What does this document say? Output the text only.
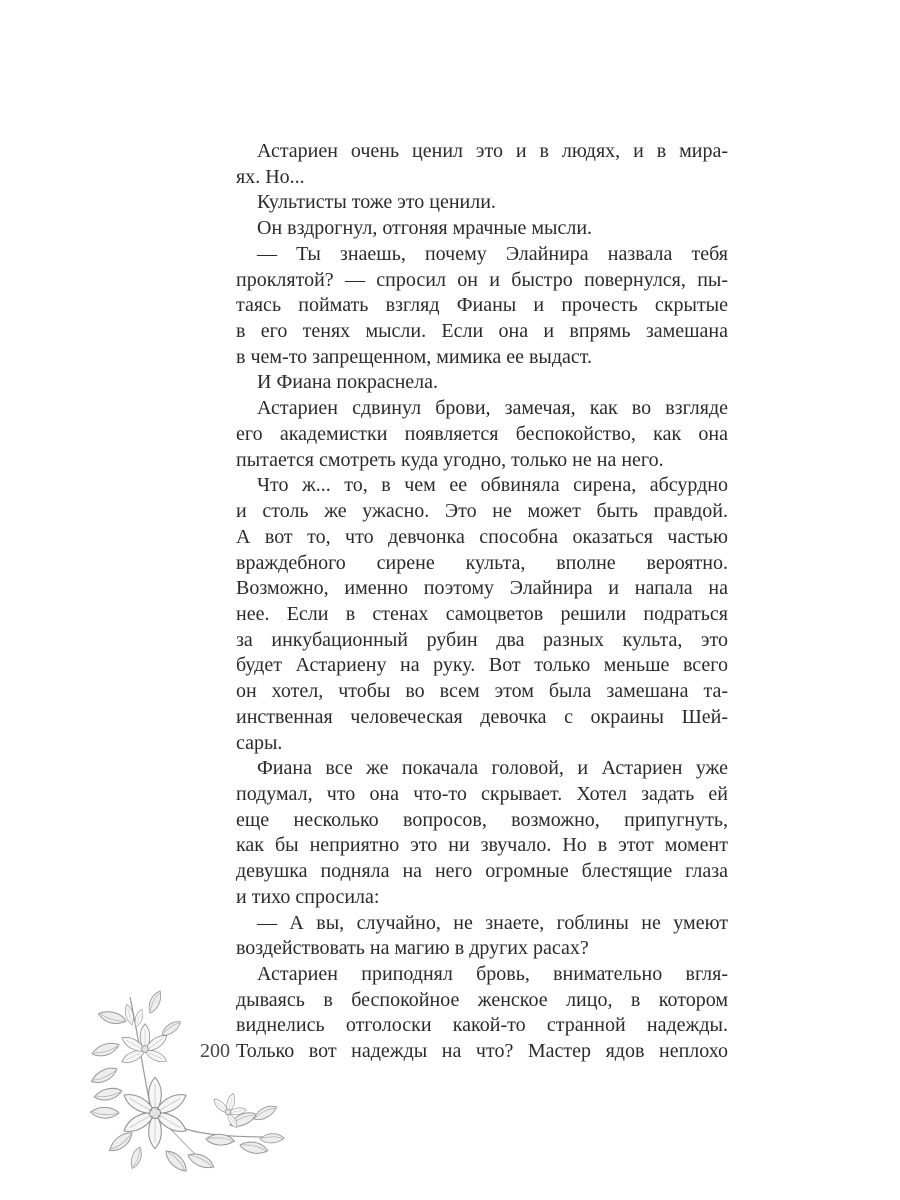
Астариен очень ценил это и в людях, и в мира-
ях. Но...
Культисты тоже это ценили.
Он вздрогнул, отгоняя мрачные мысли.
— Ты знаешь, почему Элайнира назвала тебя
проклятой? — спросил он и быстро повернулся, пы-
таясь поймать взгляд Фианы и прочесть скрытые
в его тенях мысли. Если она и впрямь замешана
в чем-то запрещенном, мимика ее выдаст.
И Фиана покраснела.
Астариен сдвинул брови, замечая, как во взгляде
его академистки появляется беспокойство, как она
пытается смотреть куда угодно, только не на него.
Что ж... то, в чем ее обвиняла сирена, абсурдно
и столь же ужасно. Это не может быть правдой.
А вот то, что девчонка способна оказаться частью
враждебного сирене культа, вполне вероятно.
Возможно, именно поэтому Элайнира и напала на
нее. Если в стенах самоцветов решили подраться
за инкубационный рубин два разных культа, это
будет Астариену на руку. Вот только меньше всего
он хотел, чтобы во всем этом была замешана та-
инственная человеческая девочка с окраины Шей-
сары.
Фиана все же покачала головой, и Астариен уже
подумал, что она что-то скрывает. Хотел задать ей
еще несколько вопросов, возможно, припугнуть,
как бы неприятно это ни звучало. Но в этот момент
девушка подняла на него огромные блестящие глаза
и тихо спросила:
— А вы, случайно, не знаете, гоблины не умеют
воздействовать на магию в других расах?
Астариен приподнял бровь, внимательно вгля-
дываясь в беспокойное женское лицо, в котором
виднелись отголоски какой-то странной надежды.
Только вот надежды на что? Мастер ядов неплохо
200
